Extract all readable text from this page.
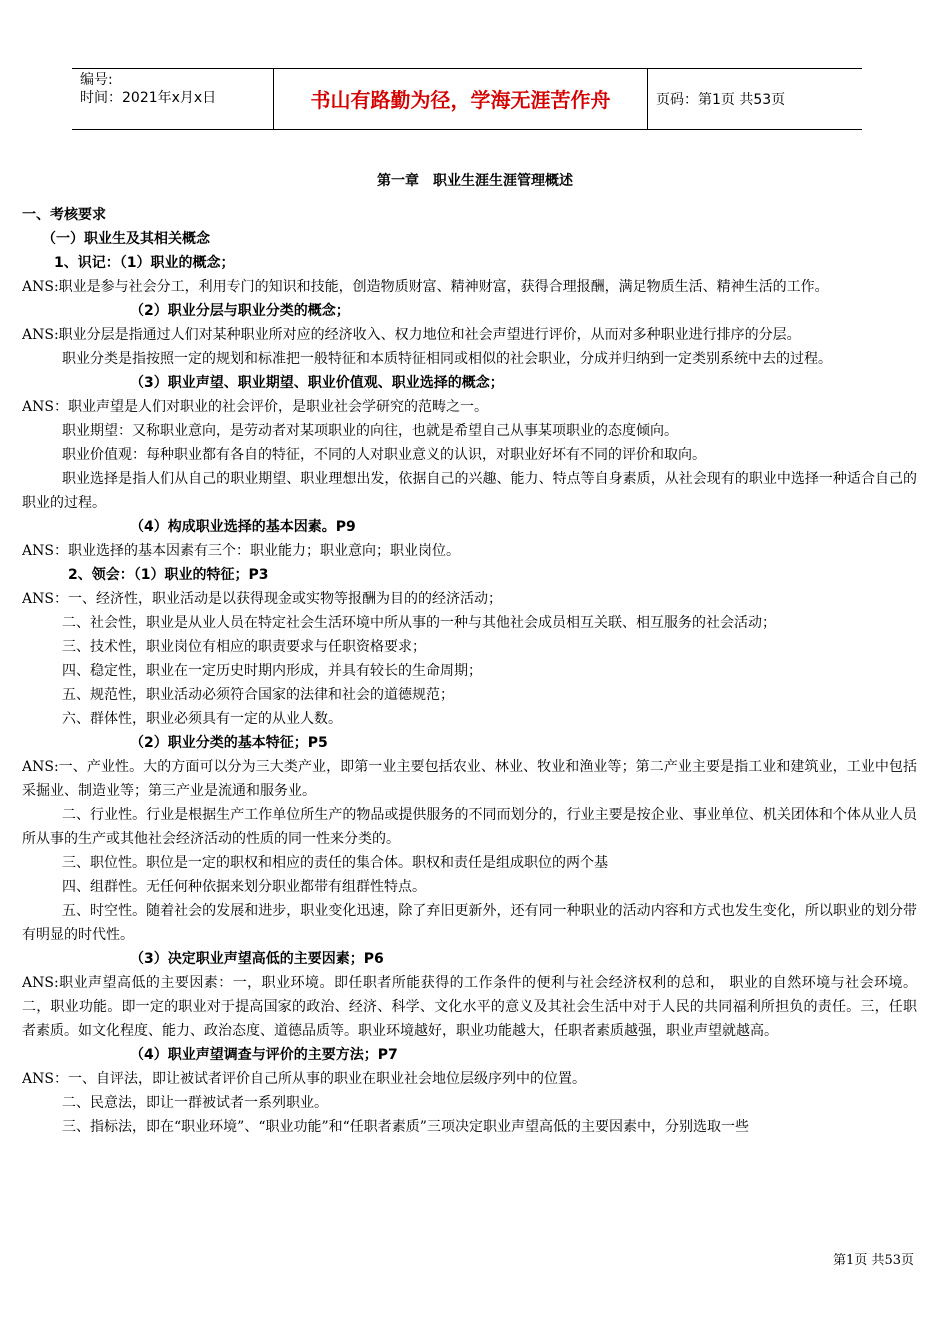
编号:
时间：2021年x月x日	书山有路勤为径，学海无涯苦作舟	页码：第1页 共53页
第一章　职业生涯生涯管理概述

一、考核要求

（一）职业生及其相关概念

1、识记：（1）职业的概念；

ANS:职业是参与社会分工，利用专门的知识和技能，创造物质财富、精神财富，获得合理报酬，满足物质生活、精神生活的工作。

（2）职业分层与职业分类的概念；

ANS:职业分层是指通过人们对某种职业所对应的经济收入、权力地位和社会声望进行评价，从而对多种职业进行排序的分层。

职业分类是指按照一定的规划和标准把一般特征和本质特征相同或相似的社会职业，分成并归纳到一定类别系统中去的过程。

（3）职业声望、职业期望、职业价值观、职业选择的概念；

ANS：职业声望是人们对职业的社会评价，是职业社会学研究的范畴之一。

职业期望：又称职业意向，是劳动者对某项职业的向往，也就是希望自己从事某项职业的态度倾向。

职业价值观：每种职业都有各自的特征，不同的人对职业意义的认识，对职业好坏有不同的评价和取向。

职业选择是指人们从自己的职业期望、职业理想出发，依据自己的兴趣、能力、特点等自身素质，从社会现有的职业中选择一种适合自己的职业的过程。

（4）构成职业选择的基本因素。P9

ANS：职业选择的基本因素有三个：职业能力；职业意向；职业岗位。

2、领会：（1）职业的特征；P3

ANS：一、经济性，职业活动是以获得现金或实物等报酬为目的的经济活动；

二、社会性，职业是从业人员在特定社会生活环境中所从事的一种与其他社会成员相互关联、相互服务的社会活动；

三、技术性，职业岗位有相应的职责要求与任职资格要求；

四、稳定性，职业在一定历史时期内形成，并具有较长的生命周期；

五、规范性，职业活动必须符合国家的法律和社会的道德规范；

六、群体性，职业必须具有一定的从业人数。

（2）职业分类的基本特征；P5

ANS:一、产业性。大的方面可以分为三大类产业，即第一业主要包括农业、林业、牧业和渔业等；第二产业主要是指工业和建筑业，工业中包括采掘业、制造业等；第三产业是流通和服务业。

二、行业性。行业是根据生产工作单位所生产的物品或提供服务的不同而划分的，行业主要是按企业、事业单位、机关团体和个体从业人员所从事的生产或其他社会经济活动的性质的同一性来分类的。

三、职位性。职位是一定的职权和相应的责任的集合体。职权和责任是组成职位的两个基

四、组群性。无任何种依据来划分职业都带有组群性特点。

五、时空性。随着社会的发展和进步，职业变化迅速，除了弃旧更新外，还有同一种职业的活动内容和方式也发生变化，所以职业的划分带有明显的时代性。

（3）决定职业声望高低的主要因素；P6

ANS:职业声望高低的主要因素：一，职业环境。即任职者所能获得的工作条件的便利与社会经济权利的总和， 职业的自然环境与社会环境。二，职业功能。即一定的职业对于提高国家的政治、经济、科学、文化水平的意义及其社会生活中对于人民的共同福利所担负的责任。三，任职者素质。如文化程度、能力、政治态度、道德品质等。职业环境越好，职业功能越大，任职者素质越强，职业声望就越高。

（4）职业声望调查与评价的主要方法；P7

ANS：一、自评法，即让被试者评价自己所从事的职业在职业社会地位层级序列中的位置。

二、民意法，即让一群被试者一系列职业。

三、指标法，即在“职业环境”、“职业功能”和“任职者素质”三项决定职业声望高低的主要因素中，分别选取一些

第1页 共53页
